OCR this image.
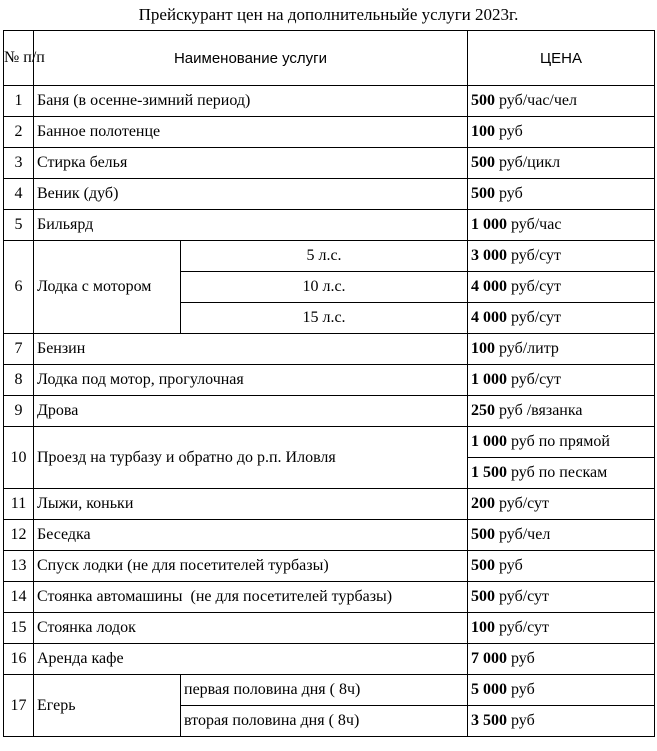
Прейскурант цен на дополнительныйе услуги 2023г.
№ п/п	Наименование услуги		ЦЕНА
1	Баня (в осенне-зимний период)		500 руб/час/чел
2	Банное полотенце		100 руб
3	Стирка белья		500 руб/цикл
4	Веник (дуб)		500 руб
5	Бильярд		1 000 руб/час
6	Лодка с мотором	5 л.с.	3 000 руб/сут
		10 л.с.	4 000 руб/сут
		15 л.с.	4 000 руб/сут
7	Бензин		100 руб/литр
8	Лодка под мотор, прогулочная		1 000 руб/сут
9	Дрова		250 руб /вязанка
10	Проезд на турбазу и обратно до р.п. Иловля		1 000 руб по прямой
			1 500 руб по пескам
11	Лыжи, коньки		200 руб/сут
12	Беседка		500 руб/чел
13	Спуск лодки (не для посетителей турбазы)		500 руб
14	Стоянка автомашины  (не для посетителей турбазы)		500 руб/сут
15	Стоянка лодок		100 руб/сут
16	Аренда кафе		7 000 руб
17	Егерь	первая половина дня ( 8ч)	5 000 руб
		вторая половина дня ( 8ч)	3 500 руб
